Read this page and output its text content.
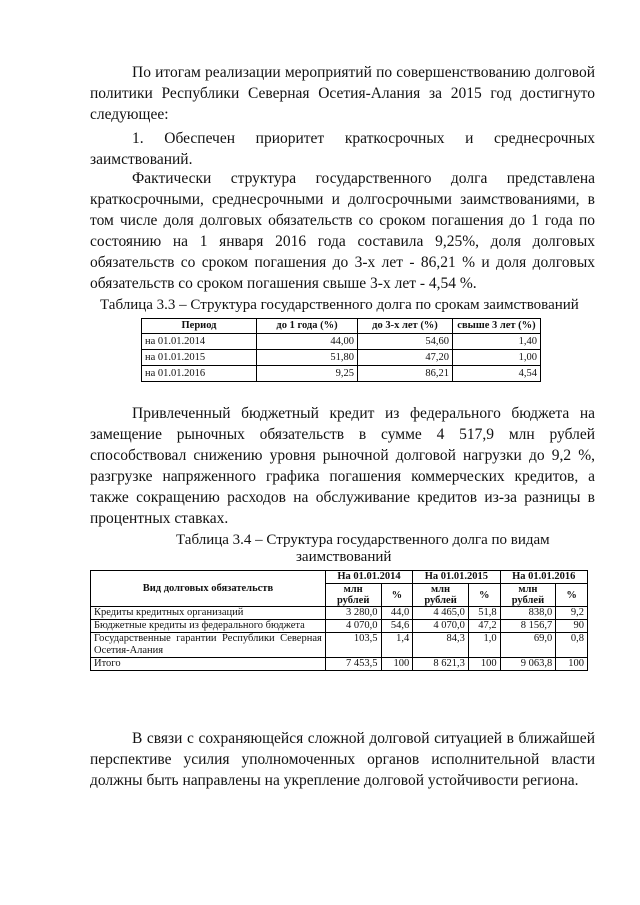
По итогам реализации мероприятий по совершенствованию долговой политики Республики Северная Осетия-Алания за 2015 год достигнуто следующее:

1. Обеспечен приоритет краткосрочных и среднесрочных заимствований.

Фактически структура государственного долга представлена краткосрочными, среднесрочными и долгосрочными заимствованиями, в том числе доля долговых обязательств со сроком погашения до 1 года по состоянию на 1 января 2016 года составила 9,25%, доля долговых обязательств со сроком погашения до 3-х лет - 86,21 % и доля долговых обязательств со сроком погашения свыше 3-х лет - 4,54 %.

Таблица 3.3 – Структура государственного долга по срокам заимствований

Период	до 1 года (%)	до 3-х лет (%)	свыше 3 лет (%)
на 01.01.2014	44,00	54,60	1,40
на 01.01.2015	51,80	47,20	1,00
на 01.01.2016	9,25	86,21	4,54

Привлеченный бюджетный кредит из федерального бюджета на замещение рыночных обязательств в сумме 4 517,9 млн рублей способствовал снижению уровня рыночной долговой нагрузки до 9,2 %, разгрузке напряженного графика погашения коммерческих кредитов, а также сокращению расходов на обслуживание кредитов из-за разницы в процентных ставках.

Таблица 3.4 – Структура государственного долга по видам

заимствований

Вид долговых обязательств	На 01.01.2014		На 01.01.2015		На 01.01.2016	
	млн рублей	%	млн рублей	%	млн рублей	%
Кредиты кредитных организаций	3 280,0	44,0	4 465,0	51,8	838,0	9,2
Бюджетные кредиты из федерального бюджета	4 070,0	54,6	4 070,0	47,2	8 156,7	90
Государственные гарантии Республики Северная Осетия-Алания	103,5	1,4	84,3	1,0	69,0	0,8
Итого	7 453,5	100	8 621,3	100	9 063,8	100

В связи с сохраняющейся сложной долговой ситуацией в ближайшей перспективе усилия уполномоченных органов исполнительной власти должны быть направлены на укрепление долговой устойчивости региона.
